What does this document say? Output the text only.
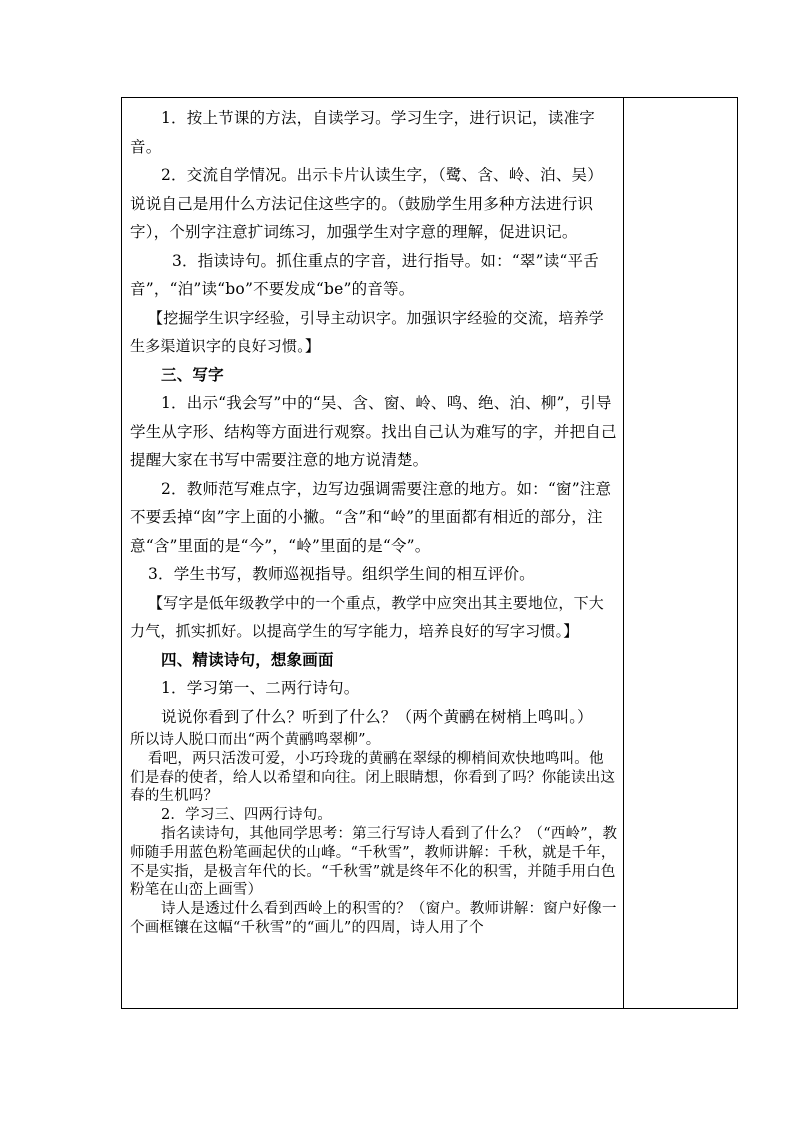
1．按上节课的方法，自读学习。学习生字，进行识记，读准字音。

2．交流自学情况。出示卡片认读生字，（鹭、含、岭、泊、吴）说说自己是用什么方法记住这些字的。（鼓励学生用多种方法进行识字），个别字注意扩词练习，加强学生对字意的理解，促进识记。

3．指读诗句。抓住重点的字音，进行指导。如：“翠”读“平舌音”，“泊”读“bo”不要发成“be”的音等。

【挖掘学生识字经验，引导主动识字。加强识字经验的交流，培养学生多渠道识字的良好习惯。】

三、写字

1．出示“我会写”中的“吴、含、窗、岭、鸣、绝、泊、柳”，引导学生从字形、结构等方面进行观察。找出自己认为难写的字，并把自己提醒大家在书写中需要注意的地方说清楚。

2．教师范写难点字，边写边强调需要注意的地方。如：“窗”注意不要丢掉“囱”字上面的小撇。“含”和“岭”的里面都有相近的部分，注意“含”里面的是“今”，“岭”里面的是“令”。

3．学生书写，教师巡视指导。组织学生间的相互评价。

【写字是低年级教学中的一个重点，教学中应突出其主要地位，下大力气，抓实抓好。以提高学生的写字能力，培养良好的写字习惯。】

四、精读诗句，想象画面

1．学习第一、二两行诗句。

说说你看到了什么？听到了什么？（两个黄鹂在树梢上鸣叫。）

所以诗人脱口而出“两个黄鹂鸣翠柳”。

看吧，两只活泼可爱，小巧玲珑的黄鹂在翠绿的柳梢间欢快地鸣叫。他们是春的使者，给人以希望和向往。闭上眼睛想，你看到了吗？你能读出这春的生机吗？

2．学习三、四两行诗句。

指名读诗句，其他同学思考：第三行写诗人看到了什么？（“西岭”，教师随手用蓝色粉笔画起伏的山峰。“千秋雪”，教师讲解：千秋，就是千年，不是实指，是极言年代的长。“千秋雪”就是终年不化的积雪，并随手用白色粉笔在山峦上画雪）

诗人是透过什么看到西岭上的积雪的？（窗户。教师讲解：窗户好像一个画框镶在这幅“千秋雪”的“画儿”的四周，诗人用了个
